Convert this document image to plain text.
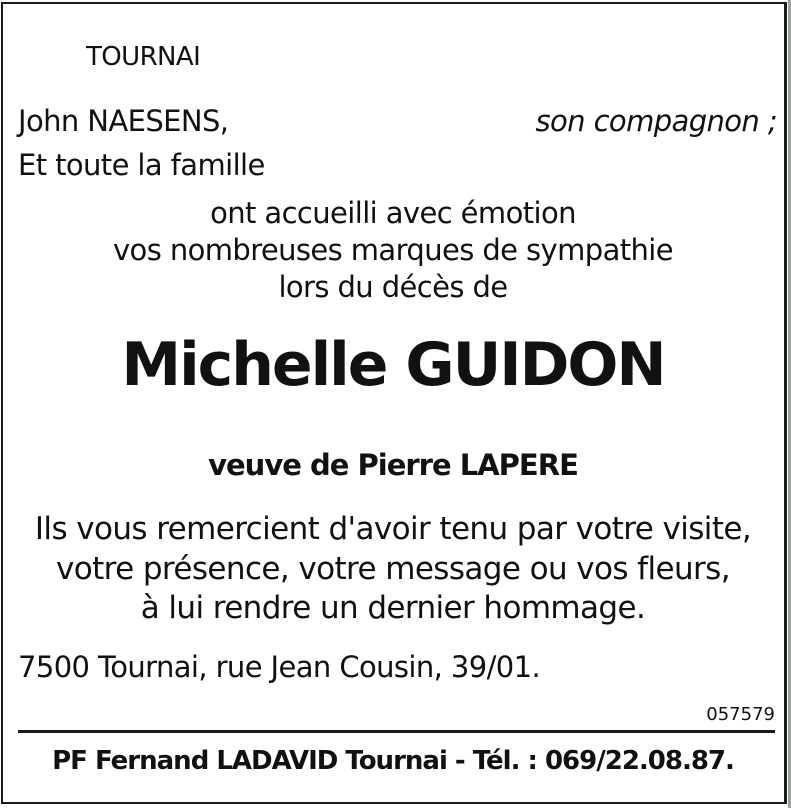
TOURNAI
John NAESENS,	son compagnon ;
Et toute la famille
ont accueilli avec émotion
vos nombreuses marques de sympathie
lors du décès de
Michelle GUIDON
veuve de Pierre LAPERE
Ils vous remercient d'avoir tenu par votre visite,
votre présence, votre message ou vos fleurs,
à lui rendre un dernier hommage.
7500 Tournai, rue Jean Cousin, 39/01.
057579
PF Fernand LADAVID Tournai - Tél. : 069/22.08.87.
